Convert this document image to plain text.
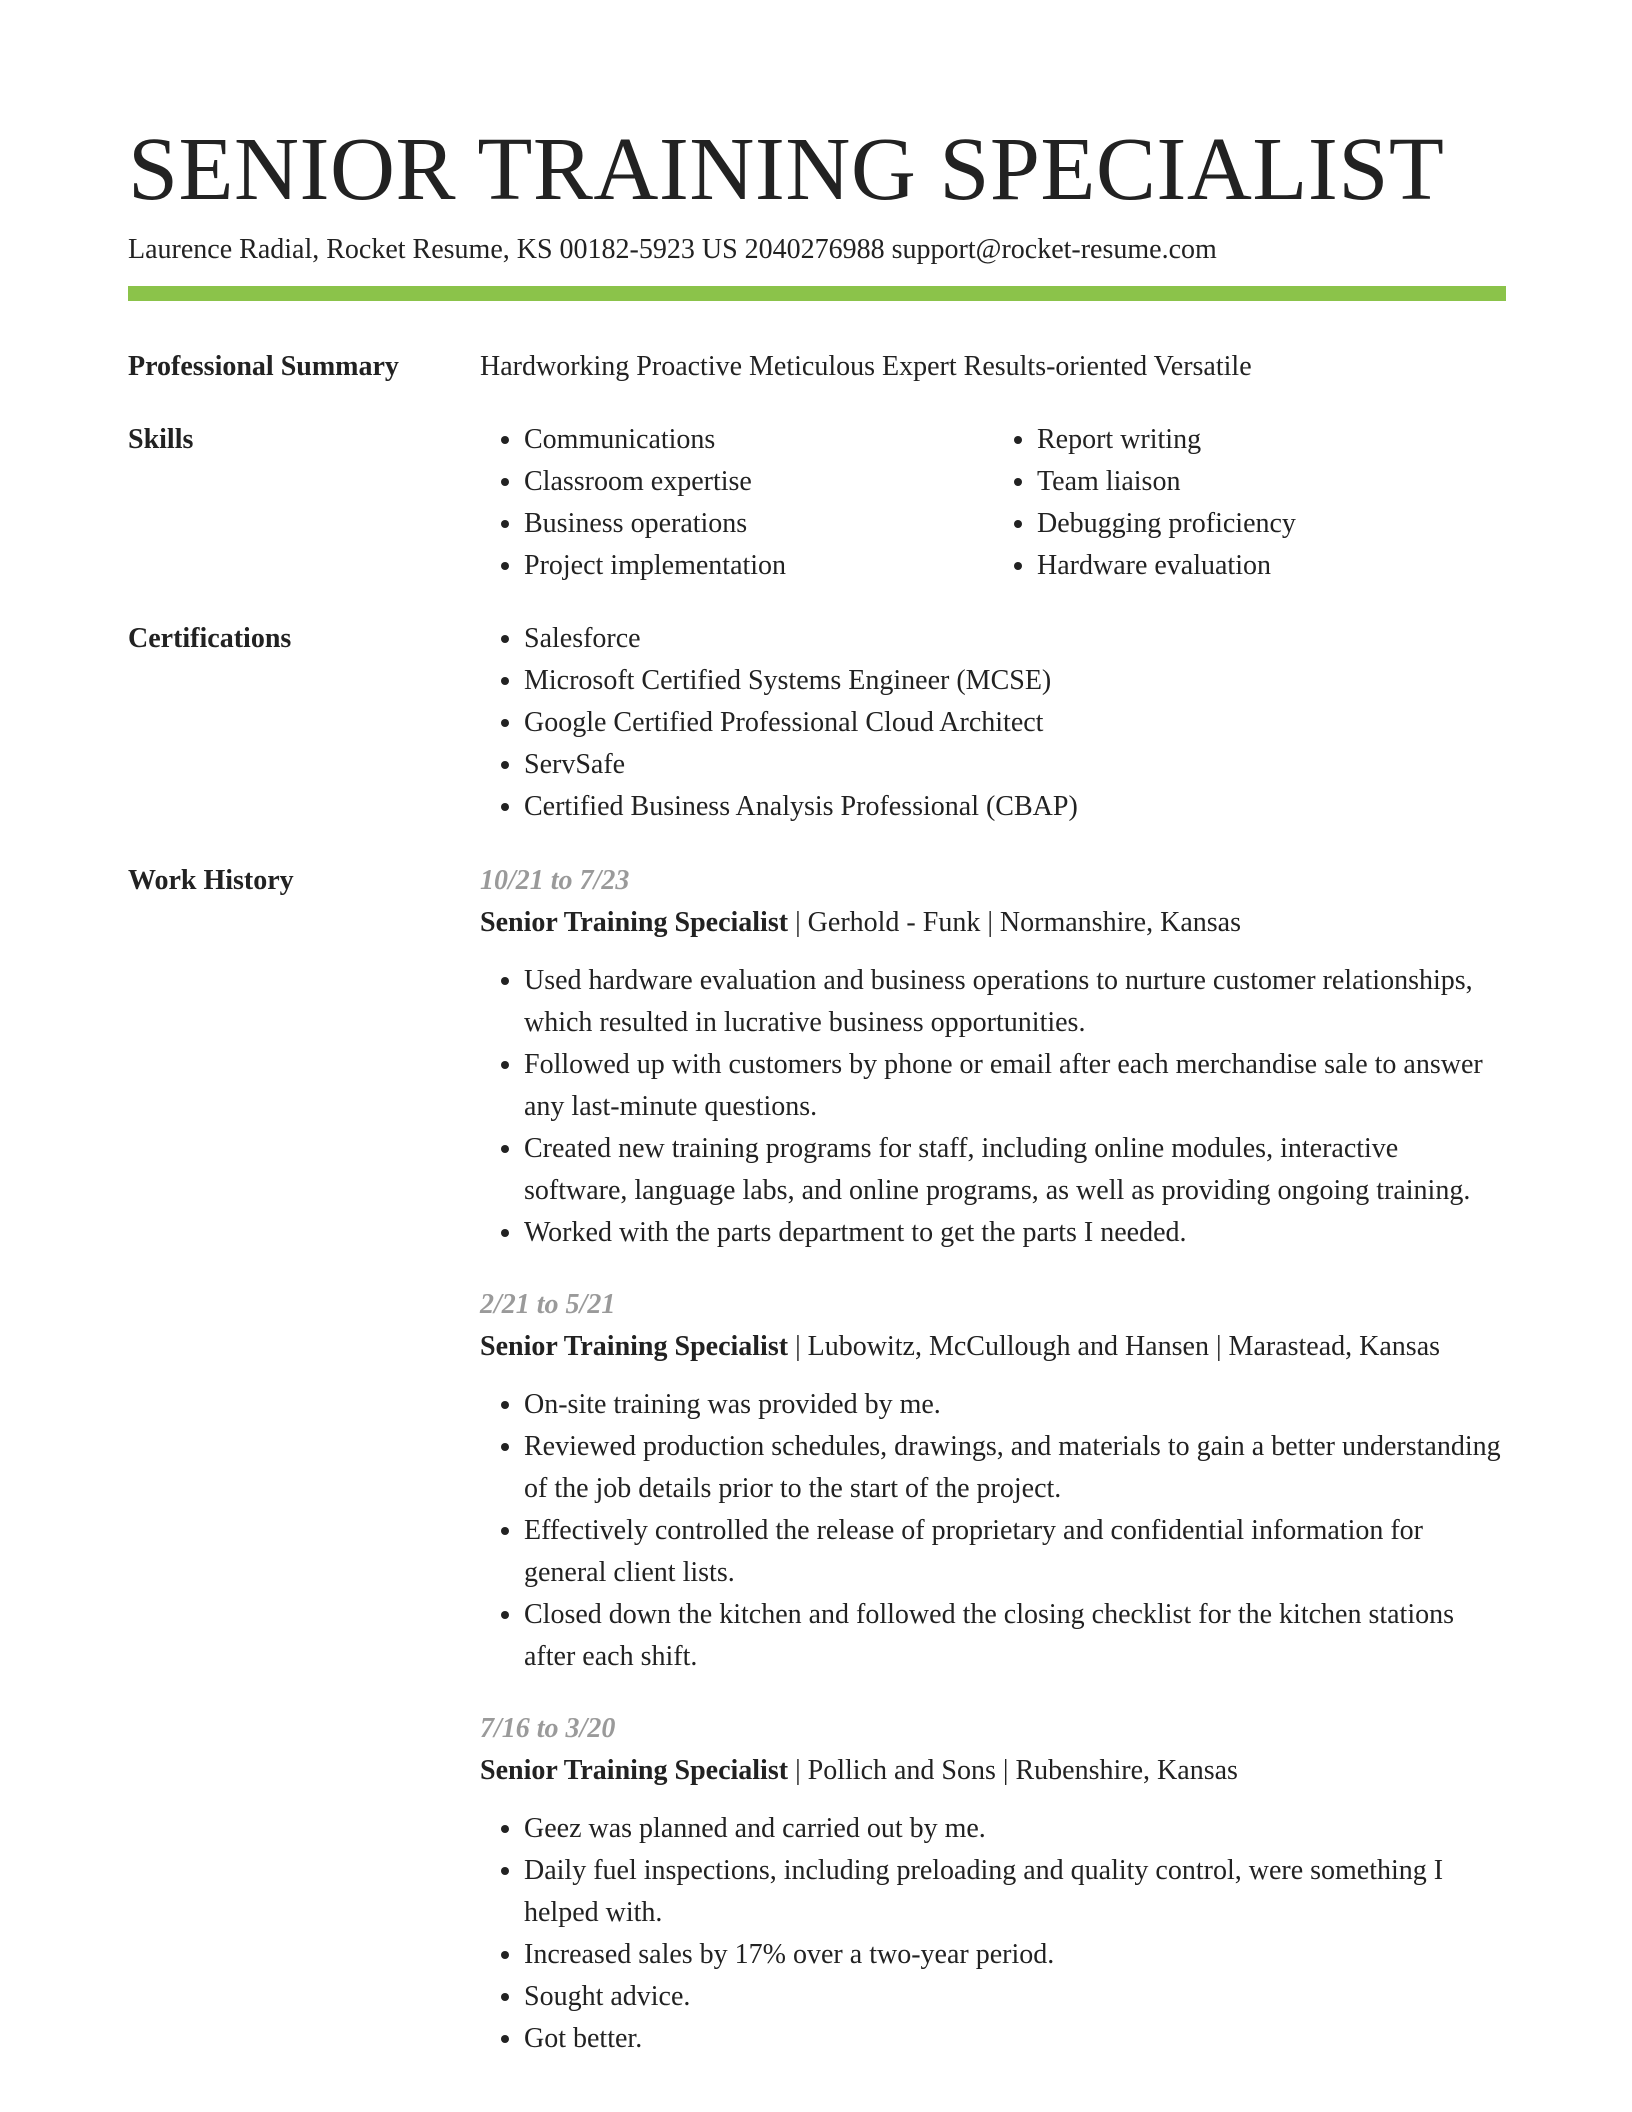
SENIOR TRAINING SPECIALIST
Laurence Radial, Rocket Resume, KS 00182-5923 US 2040276988 support@rocket-resume.com
Professional Summary	Hardworking Proactive Meticulous Expert Results-oriented Versatile
Skills	• Communications
• Classroom expertise
• Business operations
• Project implementation
• Report writing
• Team liaison
• Debugging proficiency
• Hardware evaluation
Certifications	• Salesforce
• Microsoft Certified Systems Engineer (MCSE)
• Google Certified Professional Cloud Architect
• ServSafe
• Certified Business Analysis Professional (CBAP)
Work History	10/21 to 7/23
Senior Training Specialist | Gerhold - Funk | Normanshire, Kansas
• Used hardware evaluation and business operations to nurture customer relationships, which resulted in lucrative business opportunities.
• Followed up with customers by phone or email after each merchandise sale to answer any last-minute questions.
• Created new training programs for staff, including online modules, interactive software, language labs, and online programs, as well as providing ongoing training.
• Worked with the parts department to get the parts I needed.
2/21 to 5/21
Senior Training Specialist | Lubowitz, McCullough and Hansen | Marastead, Kansas
• On-site training was provided by me.
• Reviewed production schedules, drawings, and materials to gain a better understanding of the job details prior to the start of the project.
• Effectively controlled the release of proprietary and confidential information for general client lists.
• Closed down the kitchen and followed the closing checklist for the kitchen stations after each shift.
7/16 to 3/20
Senior Training Specialist | Pollich and Sons | Rubenshire, Kansas
• Geez was planned and carried out by me.
• Daily fuel inspections, including preloading and quality control, were something I helped with.
• Increased sales by 17% over a two-year period.
• Sought advice.
• Got better.
